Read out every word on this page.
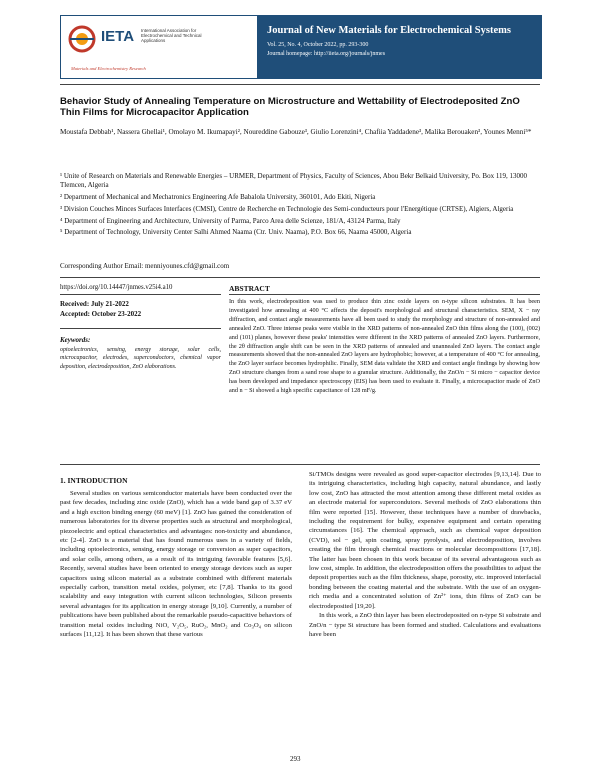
IETA International Association for Electrochemical and Technical Applications
Materials and Electrochemistry Research
Journal of New Materials for Electrochemical Systems
Vol. 25, No. 4, October 2022, pp. 293-300
Journal homepage: http://iieta.org/journals/jnmes
Behavior Study of Annealing Temperature on Microstructure and Wettability of Electrodeposited ZnO Thin Films for Microcapacitor Application
Moustafa Debbab¹, Nassera Ghellai¹, Omolayo M. Ikumapayi², Noureddine Gabouze³, Giulio Lorenzini⁴, Chafiia Yaddadene³, Malika Berouaken³, Younes Menni⁵*
¹ Unite of Research on Materials and Renewable Energies – URMER, Department of Physics, Faculty of Sciences, Abou Bekr Belkaid University, Po. Box 119, 13000 Tlemcen, Algeria
² Department of Mechanical and Mechatronics Engineering Afe Babalola University, 360101, Ado Ekiti, Nigeria
³ Division Couches Minces Surfaces Interfaces (CMSI), Centre de Recherche en Technologie des Semi-conducteurs pour l'Energétique (CRTSE), Algiers, Algeria
⁴ Department of Engineering and Architecture, University of Parma, Parco Area delle Scienze, 181/A, 43124 Parma, Italy
⁵ Department of Technology, University Center Salhi Ahmed Naama (Ctr. Univ. Naama), P.O. Box 66, Naama 45000, Algeria
Corresponding Author Email: menniyounes.cfd@gmail.com
https://doi.org/10.14447/jnmes.v25i4.a10	ABSTRACT
Received: July 21-2022
Accepted: October 23-2022
Keywords:
optoelectronics, sensing, energy storage, solar cells, microcapacitor, electrodes, supercondoctors, chemical vapor deposition, electrodeposition, ZnO elaborations.
In this work, electrodeposition was used to produce thin zinc oxide layers on n-type silicon substrates. It has been investigated how annealing at 400 °C affects the deposit's morphological and structural characteristics. SEM, X − ray diffraction, and contact angle measurements have all been used to study the morphology and structure of non-annealed and annealed ZnO. Three intense peaks were visible in the XRD patterns of non-annealed ZnO thin films along the (100), (002) and (101) planes, however these peaks' intensities were different in the XRD patterns of annealed ZnO layers. Furthermore, the 2θ diffraction angle shift can be seen in the XRD patterns of annealed and unannealed ZnO layers. The contact angle measurements showed that the non-annealed ZnO layers are hydrophobic; however, at a temperature of 400 °C for annealing, the ZnO layer surface becomes hydrophilic. Finally, SEM data validate the XRD and contact angle findings by showing how ZnO structure changes from a sand rose shape to a granular structure. Additionally, the ZnO/n − Si micro − capacitor device has been developed and impedance spectroscopy (EIS) has been used to evaluate it. Finally, a microcapacitor made of ZnO and n − Si showed a high specific capacitance of 128 mF/g.
1. INTRODUCTION
Several studies on various semiconductor materials have been conducted over the past few decades, including zinc oxide (ZnO), which has a wide band gap of 3.37 eV and a high exciton binding energy (60 meV) [1]. ZnO has gained the consideration of numerous laboratories for its diverse properties such as structural and morphological, piezoelectric and optical characteristics and advantages: non-toxicity and abundance, etc [2-4]. ZnO is a material that has found numerous uses in a variety of fields, including optoelectronics, sensing, energy storage or conversion as super capacitors, and solar cells, among others, as a result of its intriguing favorable features [5,6]. Recently, several studies have been oriented to energy storage devices such as super capacitors using silicon material as a substrate combined with different materials especially carbon, transition metal oxides, polymer, etc [7,8]. Thanks to its good scalability and easy integration with current silicon technologies, Silicon presents several advantages for its application in energy storage [9,10]. Currently, a number of publications have been published about the remarkable pseudo-capacitive behaviors of transition metal oxides including NiO, V₂O₅, RuO₂, MnO₂ and Co₃O₄ on silicon surfaces [11,12]. It has been shown that these various

Si/TMOs designs were revealed as good super-capacitor electrodes [9,13,14]. Due to its intriguing characteristics, including high capacity, natural abundance, and lastly low cost, ZnO has attracted the most attention among these different metal oxides as an electrode material for supercondutors. Several methods of ZnO elaborations thin film were reported [15]. However, these techniques have a number of drawbacks, including the requirement for bulky, expensive equipment and certain operating circumstances [16]. The chemical approach, such as chemical vapor deposition (CVD), sol − gel, spin coating, spray pyrolysis, and electrodeposition, involves creating the film through chemical reactions or molecular decompositions [17,18]. The latter has been chosen in this work because of its several advantageous such as low cost, simple. In addition, the electrodeposition offers the possibilities to adjust the deposit properties such as the film thickness, shape, porosity, etc. improved interfacial bonding between the coating material and the substrate. With the use of an oxygen-rich media and a concentrated solution of Zn²⁺ ions, thin films of ZnO can be electrodeposited [19,20].

In this work, a ZnO thin layer has been electrodeposited on n-type Si substrate and ZnO/n − type Si structure has been formed and studied. Calculations and evaluations have been

293
